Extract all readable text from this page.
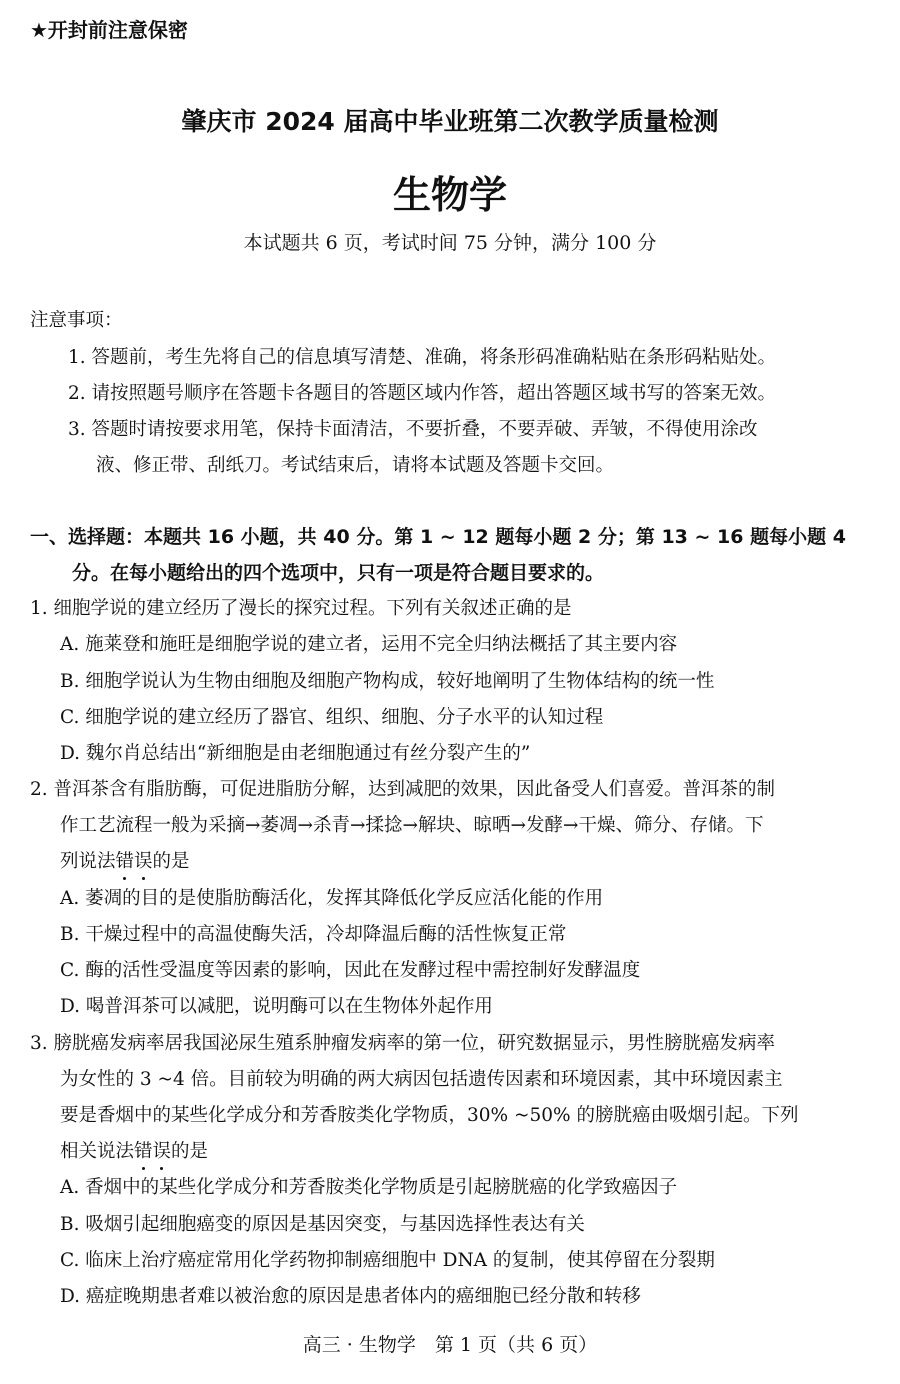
★开封前注意保密
肇庆市 2024 届高中毕业班第二次教学质量检测
生物学
本试题共 6 页，考试时间 75 分钟，满分 100 分
注意事项：
1. 答题前，考生先将自己的信息填写清楚、准确，将条形码准确粘贴在条形码粘贴处。
2. 请按照题号顺序在答题卡各题目的答题区域内作答，超出答题区域书写的答案无效。
3. 答题时请按要求用笔，保持卡面清洁，不要折叠，不要弄破、弄皱，不得使用涂改
液、修正带、刮纸刀。考试结束后，请将本试题及答题卡交回。
一、选择题：本题共 16 小题，共 40 分。第 1 ~ 12 题每小题 2 分；第 13 ~ 16 题每小题 4
分。在每小题给出的四个选项中，只有一项是符合题目要求的。
1. 细胞学说的建立经历了漫长的探究过程。下列有关叙述正确的是
A. 施莱登和施旺是细胞学说的建立者，运用不完全归纳法概括了其主要内容
B. 细胞学说认为生物由细胞及细胞产物构成，较好地阐明了生物体结构的统一性
C. 细胞学说的建立经历了器官、组织、细胞、分子水平的认知过程
D. 魏尔肖总结出“新细胞是由老细胞通过有丝分裂产生的”
2. 普洱茶含有脂肪酶，可促进脂肪分解，达到减肥的效果，因此备受人们喜爱。普洱茶的制
作工艺流程一般为采摘→萎凋→杀青→揉捻→解块、晾晒→发酵→干燥、筛分、存储。下
列说法错误的是
A. 萎凋的目的是使脂肪酶活化，发挥其降低化学反应活化能的作用
B. 干燥过程中的高温使酶失活，冷却降温后酶的活性恢复正常
C. 酶的活性受温度等因素的影响，因此在发酵过程中需控制好发酵温度
D. 喝普洱茶可以减肥，说明酶可以在生物体外起作用
3. 膀胱癌发病率居我国泌尿生殖系肿瘤发病率的第一位，研究数据显示，男性膀胱癌发病率
为女性的 3 ~4 倍。目前较为明确的两大病因包括遗传因素和环境因素，其中环境因素主
要是香烟中的某些化学成分和芳香胺类化学物质，30% ~50% 的膀胱癌由吸烟引起。下列
相关说法错误的是
A. 香烟中的某些化学成分和芳香胺类化学物质是引起膀胱癌的化学致癌因子
B. 吸烟引起细胞癌变的原因是基因突变，与基因选择性表达有关
C. 临床上治疗癌症常用化学药物抑制癌细胞中 DNA 的复制，使其停留在分裂期
D. 癌症晚期患者难以被治愈的原因是患者体内的癌细胞已经分散和转移
高三 · 生物学　第 1 页（共 6 页）
